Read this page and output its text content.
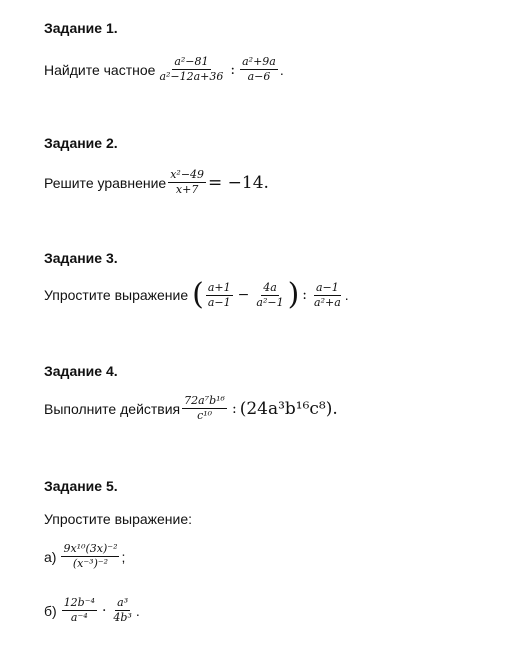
Задание 1.
Найдите частное $\frac{\text{a²−81}}{\text{a²−12a+36}}$ : $\frac{\text{a²+9a}}{a-6}$ .
Задание 2.
Решите уравнение $\frac{\text{x²−49}}{x+7} = -14$.
Задание 3.
Упростите выражение ( $\frac{a+1}{a-1} - \frac{4a}{\text{a²−1}}$ ) : $\frac{a-1}{\text{a²+a}}$ .
Задание 4.
Выполните действия $\frac{\text{72a⁷b¹⁶}}{\text{c¹⁰}}$ : (24a³b¹⁶c⁸).
Задание 5.
Упростите выражение:
$а) \frac{\text{9x¹⁰(3x)⁻²}}{\text{(x⁻³)⁻²}}$ ;
$б) \frac{\text{12b⁻⁴}}{\text{a⁻⁴}} \cdot \frac{\text{a³}}{\text{4b³}}$ .
